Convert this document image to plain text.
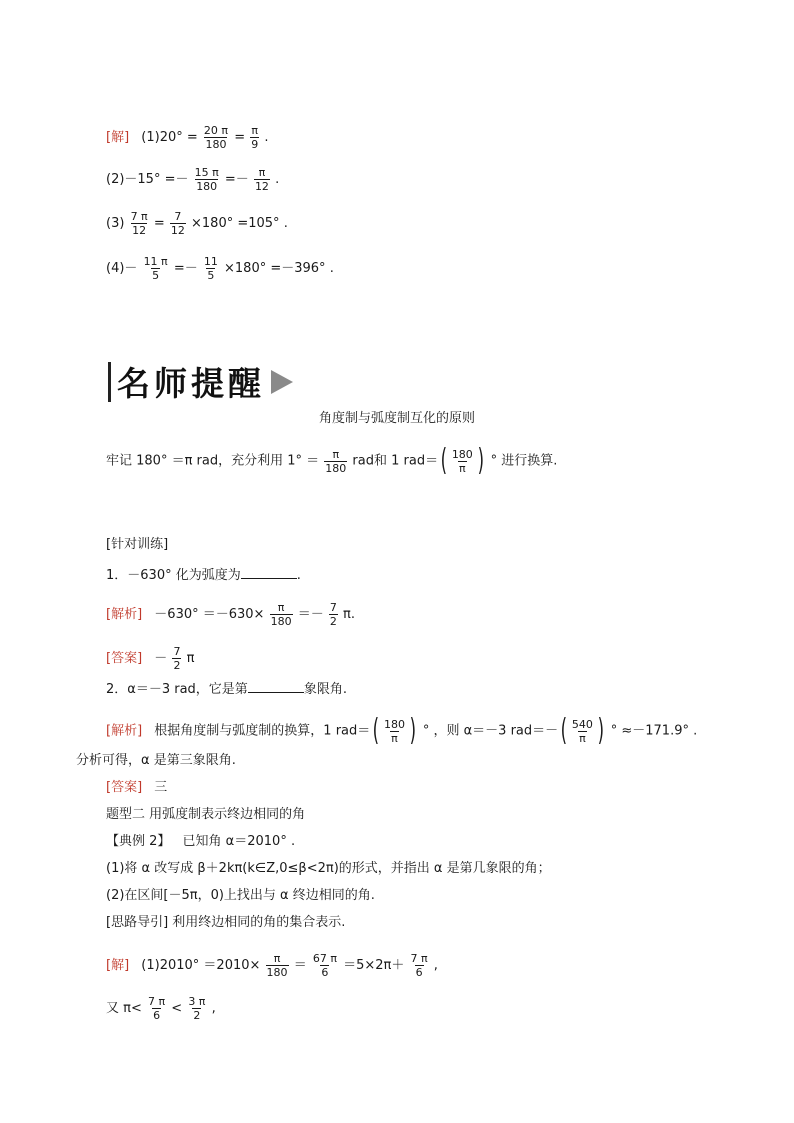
[解] $(1)20^\circ = \frac{20 \pi}{180} = \frac{\pi}{9}$ .
$(2)-15^\circ =- \frac{15 \pi}{180} =- \frac{\pi}{12}$ .
$(3) \frac{7 \pi}{12} = \frac{7}{12} \times 180^\circ =105^\circ$ .
$(4)- \frac{11 \pi}{5} =- \frac{11}{5} \times 180^\circ =-396^\circ$ .
名师提醒
角度制与弧度制互化的原则
牢记 180° ＝π rad，充分利用 $1^\circ = \frac{\pi}{180}$ rad和 1 $rad=( \frac{180}{\pi}$ ) ° 进行换算.
[针对训练]
1．－630° 化为弧度为	.
[解析] $-630^\circ =-630\times \frac{\pi}{180} =- \frac{7}{2} \pi$.
[答案] － $\frac{7}{2}$ π
2．α＝－3 rad，它是第	象限角.
[解析] 根据角度制与弧度制的换算，1 $rad=( \frac{180}{\pi}$ ) ° ，则 α＝－3 $rad=-( \frac{540}{\pi}$ ) ° ≈－171.9° .
分析可得，α 是第三象限角.
[答案] 三
题型二 用弧度制表示终边相同的角
【典例 2】 已知角 α＝2010° .
(1)将 α 改写成 β＋2kπ(k∈Z,0≤β<2π)的形式，并指出 α 是第几象限的角；
(2)在区间[－5π，0)上找出与 α 终边相同的角.
[思路导引] 利用终边相同的角的集合表示.
[解] $(1)2010^\circ =2010\times \frac{\pi}{180} = \frac{67 \pi}{6} =5\times 2\pi+ \frac{7 \pi}{6}$ ,
又 $\pi< \frac{7 \pi}{6} < \frac{3 \pi}{2}$ ,
